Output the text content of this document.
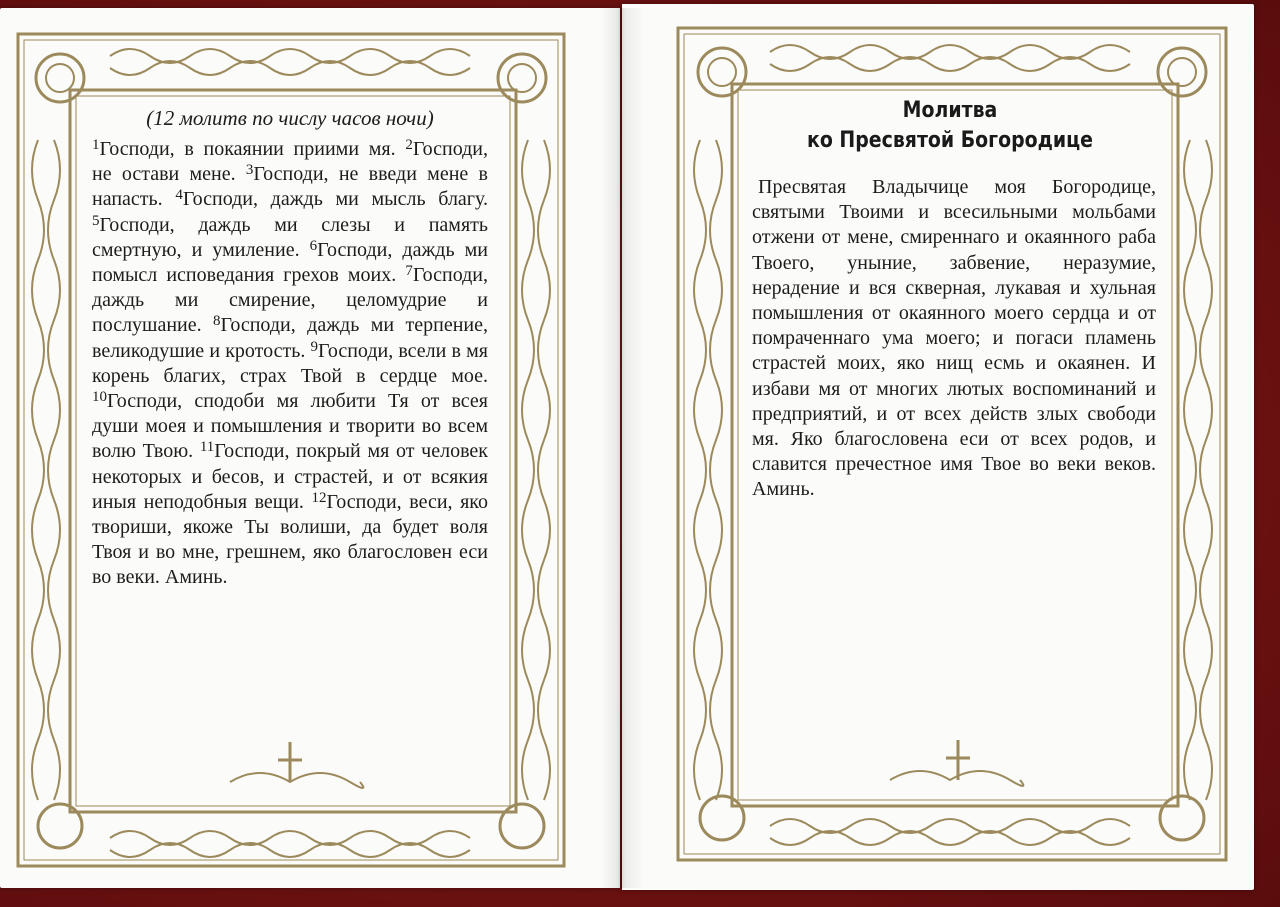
(12 молитв по числу часов ночи)
$^1$Господи, в покаянии приими мя. $^2$Господи, не остави мене. $^3$Господи, не введи мене в напасть. $^4$Господи, даждь ми мысль благу. $^5$Господи, даждь ми слезы и память смертную, и умиление. $^6$Господи, даждь ми помысл исповедания грехов моих. $^7$Господи, даждь ми смирение, целомудрие и послушание. $^8$Господи, даждь ми терпение, великодушие и кротость. $^9$Господи, всели в мя корень благих, страх Твой в сердце мое. $^{10}$Господи, сподоби мя любити Тя от всея души моея и помышления и творити во всем волю Твою. $^{11}$Господи, покрый мя от человек некоторых и бесов, и страстей, и от всякия иныя неподобныя вещи. $^{12}$Господи, веси, яко твориши, якоже Ты волиши, да будет воля Твоя и во мне, грешнем, яко благословен еси во веки. Аминь.
Молитва
ко Пресвятой Богородице
Пресвятая Владычице моя Богородице, святыми Твоими и всесильными мольбами отжени от мене, смиреннаго и окаянного раба Твоего, уныние, забвение, неразумие, нерадение и вся скверная, лукавая и хульная помышления от окаянного моего сердца и от помраченнаго ума моего; и погаси пламень страстей моих, яко нищ есмь и окаянен. И избави мя от многих лютых воспоминаний и предприятий, и от всех действ злых свободи мя. Яко благословена еси от всех родов, и славится пречестное имя Твое во веки веков. Аминь.
